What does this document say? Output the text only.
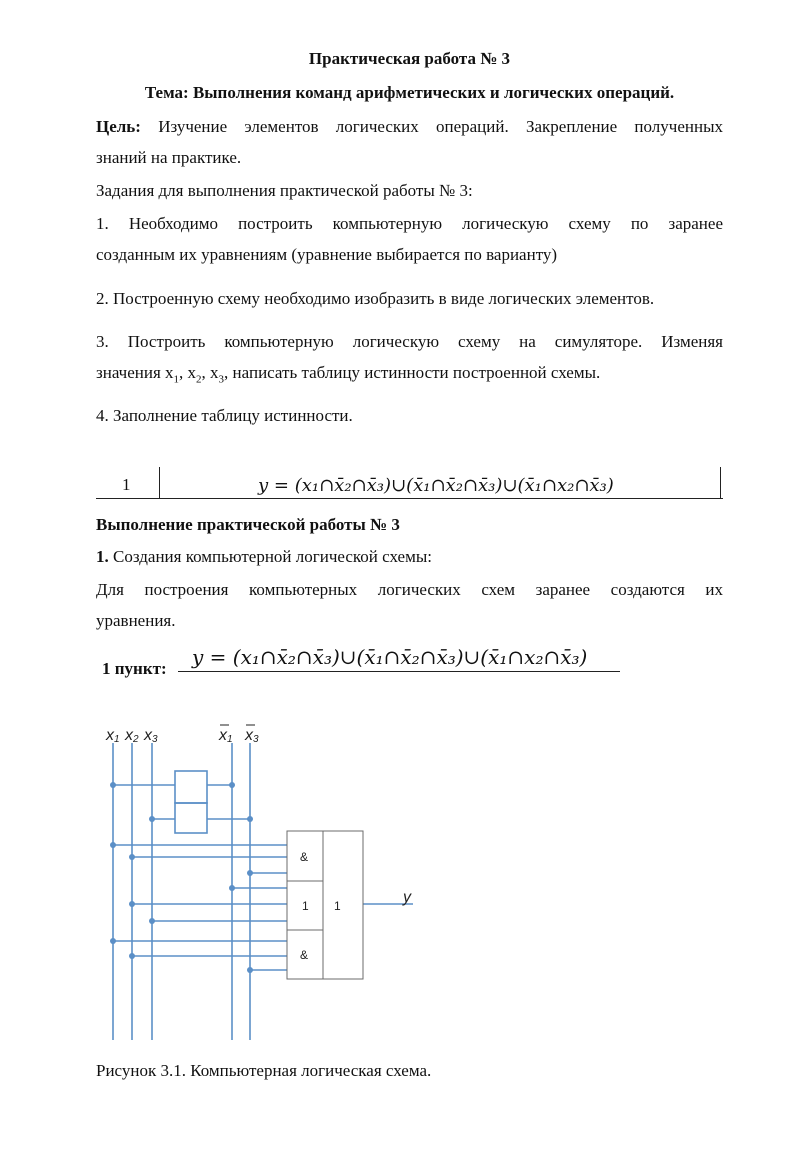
Практическая работа № 3
Тема: Выполнения команд арифметических и логических операций.
Цель: Изучение элементов логических операций. Закрепление полученных
знаний на практике.
Задания для выполнения практической работы № 3:
1. Необходимо построить компьютерную логическую схему по заранее
созданным их уравнениям (уравнение выбирается по варианту)
2. Построенную схему необходимо изобразить в виде логических элементов.
3. Построить компьютерную логическую схему на симуляторе. Изменяя
значения $x_1$, $x_2$, $x_3$, написать таблицу истинности построенной схемы.
4. Заполнение таблицу истинности.
1	y = (x₁∩x̄₂∩x̄₃)∪(x̄₁∩x̄₂∩x̄₃)∪(x̄₁∩x₂∩x̄₃)
Выполнение практической работы № 3
1. Создания компьютерной логической схемы:
Для построения компьютерных логических схем заранее создаются их
уравнения.
1 пункт: y = (x₁∩x̄₂∩x̄₃)∪(x̄₁∩x̄₂∩x̄₃)∪(x̄₁∩x₂∩x̄₃)
&
1
&
1
x1 x2 x3	x1 x3
y
Рисунок 3.1. Компьютерная логическая схема.
